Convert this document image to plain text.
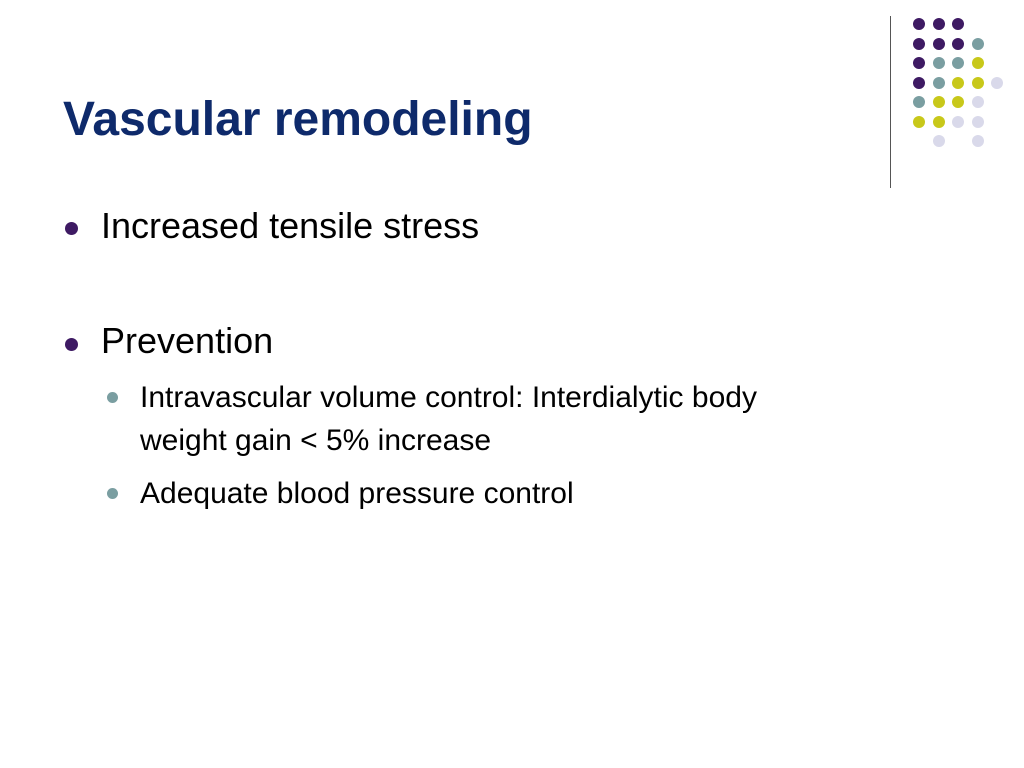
Vascular remodeling
Increased tensile stress
Prevention
Intravascular volume control: Interdialytic body
weight gain < 5% increase
Adequate blood pressure control
